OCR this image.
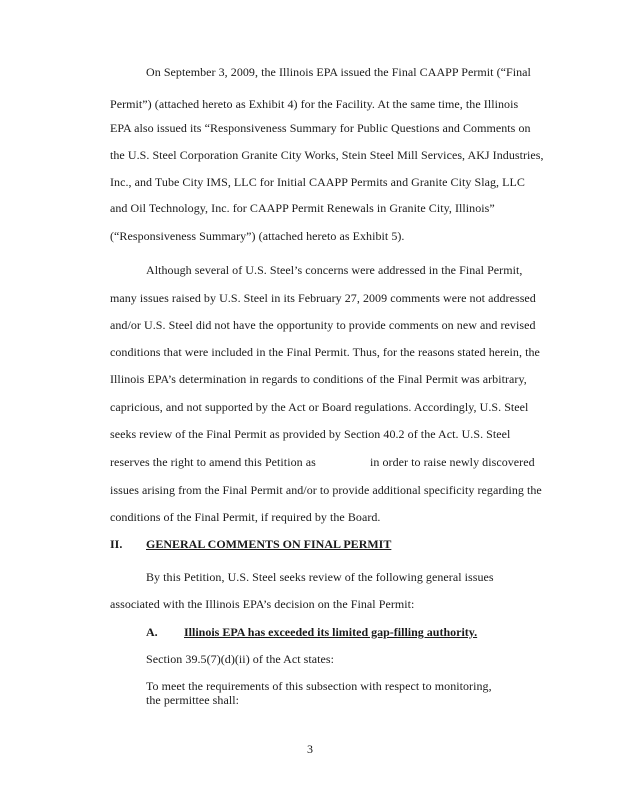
On September 3, 2009, the Illinois EPA issued the Final CAAPP Permit (“Final
Permit”) (attached hereto as Exhibit 4) for the Facility. At the same time, the Illinois
EPA also issued its “Responsiveness Summary for Public Questions and Comments on
the U.S. Steel Corporation Granite City Works, Stein Steel Mill Services, AKJ Industries,
Inc., and Tube City IMS, LLC for Initial CAAPP Permits and Granite City Slag, LLC
and Oil Technology, Inc. for CAAPP Permit Renewals in Granite City, Illinois”
(“Responsiveness Summary”) (attached hereto as Exhibit 5).
Although several of U.S. Steel’s concerns were addressed in the Final Permit,
many issues raised by U.S. Steel in its February 27, 2009 comments were not addressed
and/or U.S. Steel did not have the opportunity to provide comments on new and revised
conditions that were included in the Final Permit. Thus, for the reasons stated herein, the
Illinois EPA’s determination in regards to conditions of the Final Permit was arbitrary,
capricious, and not supported by the Act or Board regulations. Accordingly, U.S. Steel
seeks review of the Final Permit as provided by Section 40.2 of the Act. U.S. Steel
reserves the right to amend this Petition as	in order to raise newly discovered
issues arising from the Final Permit and/or to provide additional specificity regarding the
conditions of the Final Permit, if required by the Board.
II. GENERAL COMMENTS ON FINAL PERMIT
By this Petition, U.S. Steel seeks review of the following general issues
associated with the Illinois EPA’s decision on the Final Permit:
A. Illinois EPA has exceeded its limited gap-filling authority.
Section 39.5(7)(d)(ii) of the Act states:
To meet the requirements of this subsection with respect to monitoring,
the permittee shall:
3
